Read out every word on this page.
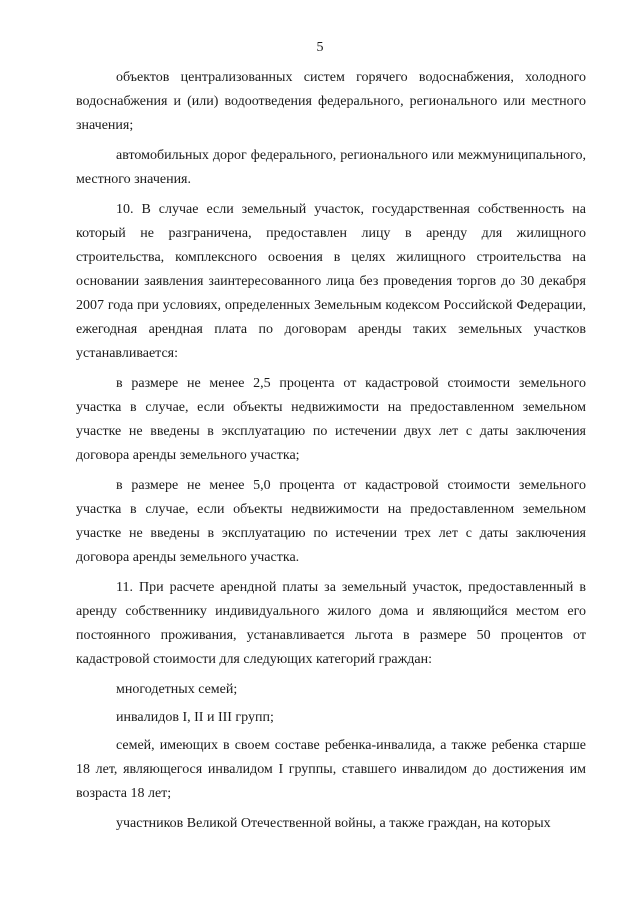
5

объектов централизованных систем горячего водоснабжения, холодного водоснабжения и (или) водоотведения федерального, регионального или местного значения;

автомобильных дорог федерального, регионального или межмуниципального, местного значения.

10. В случае если земельный участок, государственная собственность на который не разграничена, предоставлен лицу в аренду для жилищного строительства, комплексного освоения в целях жилищного строительства на основании заявления заинтересованного лица без проведения торгов до 30 декабря 2007 года при условиях, определенных Земельным кодексом Российской Федерации, ежегодная арендная плата по договорам аренды таких земельных участков устанавливается:

в размере не менее 2,5 процента от кадастровой стоимости земельного участка в случае, если объекты недвижимости на предоставленном земельном участке не введены в эксплуатацию по истечении двух лет с даты заключения договора аренды земельного участка;

в размере не менее 5,0 процента от кадастровой стоимости земельного участка в случае, если объекты недвижимости на предоставленном земельном участке не введены в эксплуатацию по истечении трех лет с даты заключения договора аренды земельного участка.

11. При расчете арендной платы за земельный участок, предоставленный в аренду собственнику индивидуального жилого дома и являющийся местом его постоянного проживания, устанавливается льгота в размере 50 процентов от кадастровой стоимости для следующих категорий граждан:

многодетных семей;

инвалидов I, II и III групп;

семей, имеющих в своем составе ребенка-инвалида, а также ребенка старше 18 лет, являющегося инвалидом I группы, ставшего инвалидом до достижения им возраста 18 лет;

участников Великой Отечественной войны, а также граждан, на которых
